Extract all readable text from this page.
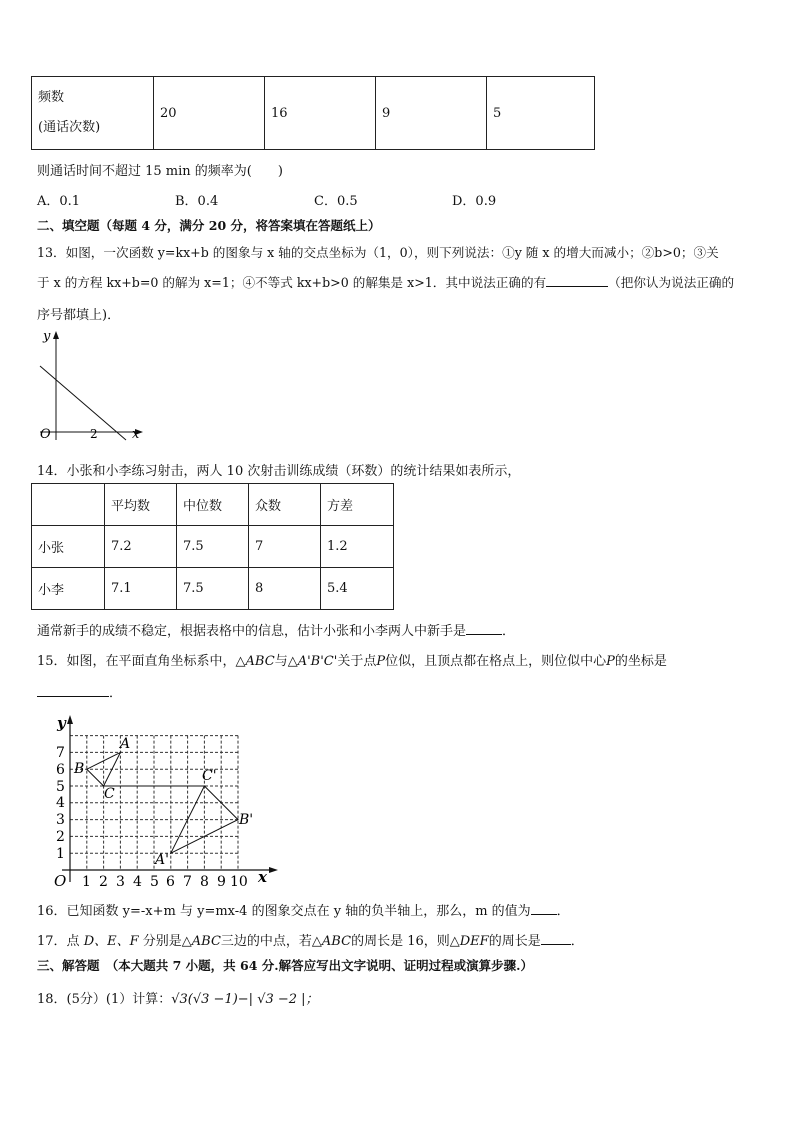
频数
(通话次数)	20	16	9	5
则通话时间不超过 15 min 的频率为(　　)
A．0.1	B．0.4	C．0.5	D．0.9
二、填空题（每题 4 分，满分 20 分，将答案填在答题纸上）
13．如图，一次函数 y=kx+b 的图象与 x 轴的交点坐标为（1，0），则下列说法：①y 随 x 的增大而减小；②b>0；③关
于 x 的方程 kx+b=0 的解为 x=1；④不等式 kx+b>0 的解集是 x>1．其中说法正确的有	（把你认为说法正确的
序号都填上)．
y
O	2	x
14．小张和小李练习射击，两人 10 次射击训练成绩（环数）的统计结果如表所示，
	平均数	中位数	众数	方差
小张	7.2	7.5	7	1.2
小李	7.1	7.5	8	5.4
通常新手的成绩不稳定，根据表格中的信息，估计小张和小李两人中新手是	．
15．如图，在平面直角坐标系中，△ABC与△A'B'C'关于点P位似，且顶点都在格点上，则位似中心P的坐标是
．
y
x
O 1 2 3 4 5 6 7 8 9 10
1
2
3
4
5
6
7
A
B
C
A'
B'
C'
16．已知函数 y=-x+m 与 y=mx-4 的图象交点在 y 轴的负半轴上，那么，m 的值为 ．
17．点 D、E、F 分别是△ABC三边的中点，若△ABC的周长是 16，则△DEF的周长是 ．
三、解答题　（本大题共 7 小题，共 64 分.解答应写出文字说明、证明过程或演算步骤.）
18．(5分）(1）计算：√3(√3 −1)−| √3 −2 |；
